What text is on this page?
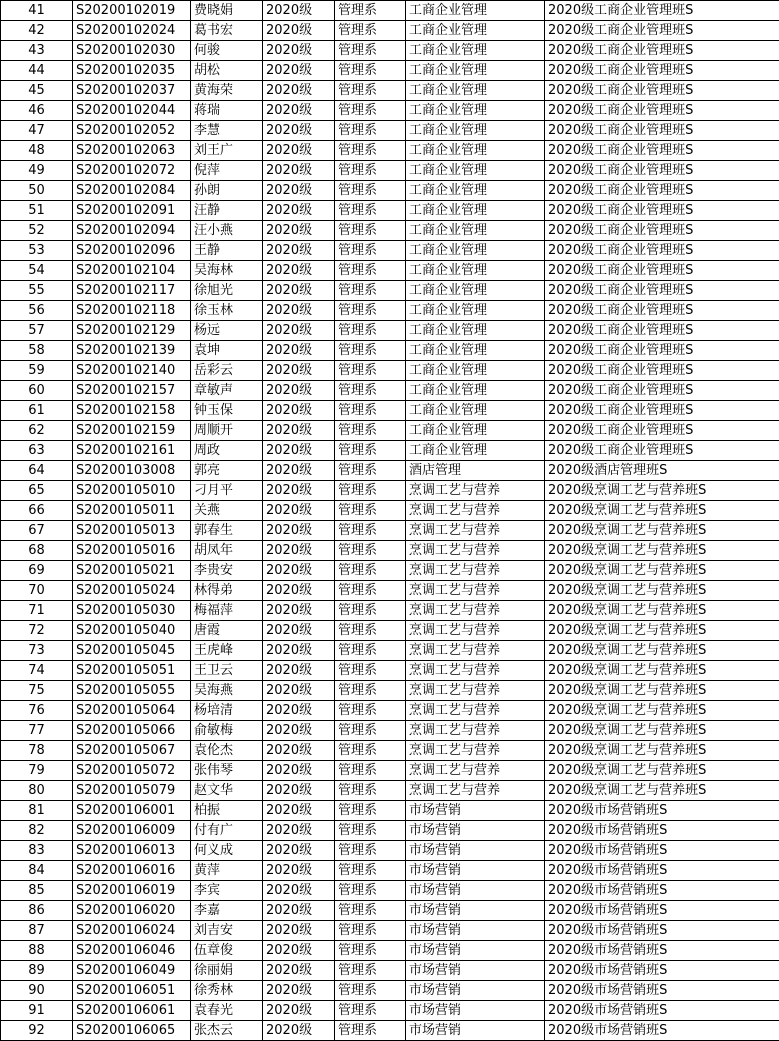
41	S20200102019	费晓娟	2020级	管理系	工商企业管理	2020级工商企业管理班S
42	S20200102024	葛书宏	2020级	管理系	工商企业管理	2020级工商企业管理班S
43	S20200102030	何骏	2020级	管理系	工商企业管理	2020级工商企业管理班S
44	S20200102035	胡松	2020级	管理系	工商企业管理	2020级工商企业管理班S
45	S20200102037	黄海荣	2020级	管理系	工商企业管理	2020级工商企业管理班S
46	S20200102044	蒋瑞	2020级	管理系	工商企业管理	2020级工商企业管理班S
47	S20200102052	李慧	2020级	管理系	工商企业管理	2020级工商企业管理班S
48	S20200102063	刘王广	2020级	管理系	工商企业管理	2020级工商企业管理班S
49	S20200102072	倪萍	2020级	管理系	工商企业管理	2020级工商企业管理班S
50	S20200102084	孙朗	2020级	管理系	工商企业管理	2020级工商企业管理班S
51	S20200102091	汪静	2020级	管理系	工商企业管理	2020级工商企业管理班S
52	S20200102094	汪小燕	2020级	管理系	工商企业管理	2020级工商企业管理班S
53	S20200102096	王静	2020级	管理系	工商企业管理	2020级工商企业管理班S
54	S20200102104	吴海林	2020级	管理系	工商企业管理	2020级工商企业管理班S
55	S20200102117	徐旭光	2020级	管理系	工商企业管理	2020级工商企业管理班S
56	S20200102118	徐玉林	2020级	管理系	工商企业管理	2020级工商企业管理班S
57	S20200102129	杨远	2020级	管理系	工商企业管理	2020级工商企业管理班S
58	S20200102139	袁坤	2020级	管理系	工商企业管理	2020级工商企业管理班S
59	S20200102140	岳彩云	2020级	管理系	工商企业管理	2020级工商企业管理班S
60	S20200102157	章敏声	2020级	管理系	工商企业管理	2020级工商企业管理班S
61	S20200102158	钟玉保	2020级	管理系	工商企业管理	2020级工商企业管理班S
62	S20200102159	周顺开	2020级	管理系	工商企业管理	2020级工商企业管理班S
63	S20200102161	周政	2020级	管理系	工商企业管理	2020级工商企业管理班S
64	S20200103008	郭亮	2020级	管理系	酒店管理	2020级酒店管理班S
65	S20200105010	刁月平	2020级	管理系	烹调工艺与营养	2020级烹调工艺与营养班S
66	S20200105011	关燕	2020级	管理系	烹调工艺与营养	2020级烹调工艺与营养班S
67	S20200105013	郭春生	2020级	管理系	烹调工艺与营养	2020级烹调工艺与营养班S
68	S20200105016	胡凤年	2020级	管理系	烹调工艺与营养	2020级烹调工艺与营养班S
69	S20200105021	李贵安	2020级	管理系	烹调工艺与营养	2020级烹调工艺与营养班S
70	S20200105024	林得弟	2020级	管理系	烹调工艺与营养	2020级烹调工艺与营养班S
71	S20200105030	梅福萍	2020级	管理系	烹调工艺与营养	2020级烹调工艺与营养班S
72	S20200105040	唐霞	2020级	管理系	烹调工艺与营养	2020级烹调工艺与营养班S
73	S20200105045	王虎峰	2020级	管理系	烹调工艺与营养	2020级烹调工艺与营养班S
74	S20200105051	王卫云	2020级	管理系	烹调工艺与营养	2020级烹调工艺与营养班S
75	S20200105055	吴海燕	2020级	管理系	烹调工艺与营养	2020级烹调工艺与营养班S
76	S20200105064	杨培清	2020级	管理系	烹调工艺与营养	2020级烹调工艺与营养班S
77	S20200105066	俞敏梅	2020级	管理系	烹调工艺与营养	2020级烹调工艺与营养班S
78	S20200105067	袁伦杰	2020级	管理系	烹调工艺与营养	2020级烹调工艺与营养班S
79	S20200105072	张伟琴	2020级	管理系	烹调工艺与营养	2020级烹调工艺与营养班S
80	S20200105079	赵文华	2020级	管理系	烹调工艺与营养	2020级烹调工艺与营养班S
81	S20200106001	柏振	2020级	管理系	市场营销	2020级市场营销班S
82	S20200106009	付有广	2020级	管理系	市场营销	2020级市场营销班S
83	S20200106013	何义成	2020级	管理系	市场营销	2020级市场营销班S
84	S20200106016	黄萍	2020级	管理系	市场营销	2020级市场营销班S
85	S20200106019	李宾	2020级	管理系	市场营销	2020级市场营销班S
86	S20200106020	李嘉	2020级	管理系	市场营销	2020级市场营销班S
87	S20200106024	刘吉安	2020级	管理系	市场营销	2020级市场营销班S
88	S20200106046	伍章俊	2020级	管理系	市场营销	2020级市场营销班S
89	S20200106049	徐丽娟	2020级	管理系	市场营销	2020级市场营销班S
90	S20200106051	徐秀林	2020级	管理系	市场营销	2020级市场营销班S
91	S20200106061	袁春光	2020级	管理系	市场营销	2020级市场营销班S
92	S20200106065	张杰云	2020级	管理系	市场营销	2020级市场营销班S
